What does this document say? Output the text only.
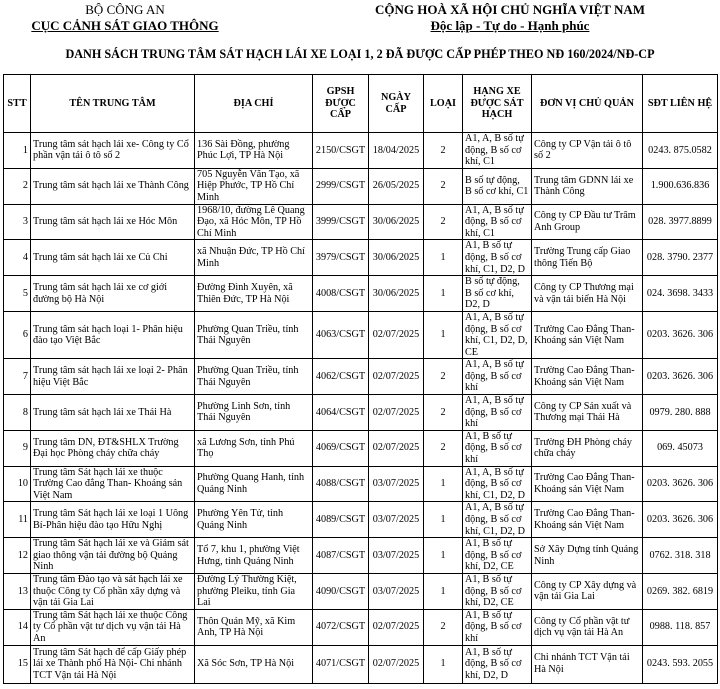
BỘ CÔNG AN
CỤC CẢNH SÁT GIAO THÔNG
CỘNG HOÀ XÃ HỘI CHỦ NGHĨA VIỆT NAM
Độc lập - Tự do - Hạnh phúc
DANH SÁCH TRUNG TÂM SÁT HẠCH LÁI XE LOẠI 1, 2 ĐÃ ĐƯỢC CẤP PHÉP THEO NĐ 160/2024/NĐ-CP
STT	TÊN TRUNG TÂM	ĐỊA CHỈ	GPSH ĐƯỢC CẤP	NGÀY CẤP	LOẠI	HẠNG XE ĐƯỢC SÁT HẠCH	ĐƠN VỊ CHỦ QUẢN	SĐT LIÊN HỆ
1	Trung tâm sát hạch lái xe- Công ty Cổ phần vận tải ô tô số 2	136 Sài Đồng, phường Phúc Lợi, TP Hà Nội	2150/CSGT	18/04/2025	2	A1, A, B số tự động, B số cơ khí, C1	Công ty CP Vận tải ô tô số 2	0243. 875.0582
2	Trung tâm sát hạch lái xe Thành Công	705 Nguyễn Văn Tạo, xã Hiệp Phước, TP Hồ Chí Minh	2999/CSGT	26/05/2025	2	B số tự động, B số cơ khí, C1	Trung tâm GDNN lái xe Thành Công	1.900.636.836
3	Trung tâm sát hạch lái xe Hóc Môn	1968/10, đường Lê Quang Đạo, xã Hóc Môn, TP Hồ Chí Minh	3999/CSGT	30/06/2025	2	A1, A, B số tự động, B số cơ khí, C1	Công ty CP Đầu tư Trâm Anh Group	028. 3977.8899
4	Trung tâm sát hạch lái xe Củ Chi	xã Nhuận Đức, TP Hồ Chí Minh	3979/CSGT	30/06/2025	1	A1, B số tự động, B số cơ khí, C1, D2, D	Trường Trung cấp Giao thông Tiến Bộ	028. 3790. 2377
5	Trung tâm sát hạch lái xe cơ giới đường bộ Hà Nội	Đường Đình Xuyên, xã Thiên Đức, TP Hà Nội	4008/CSGT	30/06/2025	1	B số tự động, B số cơ khí, D2, D	Công ty CP Thương mại và vận tải biển Hà Nội	024. 3698. 3433
6	Trung tâm sát hạch loại 1- Phân hiệu đào tạo Việt Bắc	Phường Quan Triều, tỉnh Thái Nguyên	4063/CSGT	02/07/2025	1	A1, A, B số tự động, B số cơ khí, C1, D2, D, CE	Trường Cao Đẳng Than-Khoáng sản Việt Nam	0203. 3626. 306
7	Trung tâm sát hạch lái xe loại 2- Phân hiệu Việt Bắc	Phường Quan Triều, tỉnh Thái Nguyên	4062/CSGT	02/07/2025	2	A1, A, B số tự động, B số cơ khí	Trường Cao Đẳng Than-Khoáng sản Việt Nam	0203. 3626. 306
8	Trung tâm sát hạch lái xe Thái Hà	Phường Linh Sơn, tỉnh Thái Nguyên	4064/CSGT	02/07/2025	2	A1, A, B số tự động, B số cơ khí	Công ty CP Sản xuất và Thương mại Thái Hà	0979. 280. 888
9	Trung tâm DN, ĐT&SHLX Trường Đại học Phòng cháy chữa cháy	xã Lương Sơn, tỉnh Phú Thọ	4069/CSGT	02/07/2025	2	A1, B số tự động, B số cơ khí	Trường ĐH Phòng cháy chữa cháy	069. 45073
10	Trung tâm Sát hạch lái xe thuộc Trường Cao đẳng Than- Khoáng sản Việt Nam	Phường Quang Hanh, tỉnh Quảng Ninh	4088/CSGT	03/07/2025	1	A1, A, B số tự động, B số cơ khí, C1, D2, D	Trường Cao Đẳng Than-Khoáng sản Việt Nam	0203. 3626. 306
11	Trung tâm Sát hạch lái xe loại 1 Uông Bí-Phân hiệu đào tạo Hữu Nghị	Phường Yên Tử, tỉnh Quảng Ninh	4089/CSGT	03/07/2025	1	A1, A, B số tự động, B số cơ khí, C1, D2, D	Trường Cao Đẳng Than-Khoáng sản Việt Nam	0203. 3626. 306
12	Trung tâm Sát hạch lái xe và Giám sát giao thông vận tải đường bộ Quảng Ninh	Tổ 7, khu 1, phường Việt Hưng, tỉnh Quảng Ninh	4087/CSGT	03/07/2025	1	A1, B số tự động, B số cơ khí, D2, CE	Sở Xây Dựng tỉnh Quảng Ninh	0762. 318. 318
13	Trung tâm Đào tạo và sát hạch lái xe thuộc Công ty Cổ phần xây dựng và vận tải Gia Lai	Đường Lý Thường Kiệt, phường Pleiku, tỉnh Gia Lai	4090/CSGT	03/07/2025	1	A1, B số tự động, B số cơ khí, D2, CE	Công ty CP Xây dựng và vận tải Gia Lai	0269. 382. 6819
14	Trung tâm Sát hạch lái xe thuộc Công ty Cổ phần vật tư dịch vụ vận tải Hà An	Thôn Quán Mỹ, xã Kim Anh, TP Hà Nội	4072/CSGT	02/07/2025	2	A1, B số tự động, B số cơ khí	Công ty Cổ phần vật tư dịch vụ vận tải Hà An	0988. 118. 857
15	Trung tâm Sát hạch để cấp Giấy phép lái xe Thành phố Hà Nội- Chi nhánh TCT Vận tải Hà Nội	Xã Sóc Sơn, TP Hà Nội	4071/CSGT	02/07/2025	1	A1, B số tự động, B số cơ khí, D2, D	Chi nhánh TCT Vận tải Hà Nội	0243. 593. 2055
